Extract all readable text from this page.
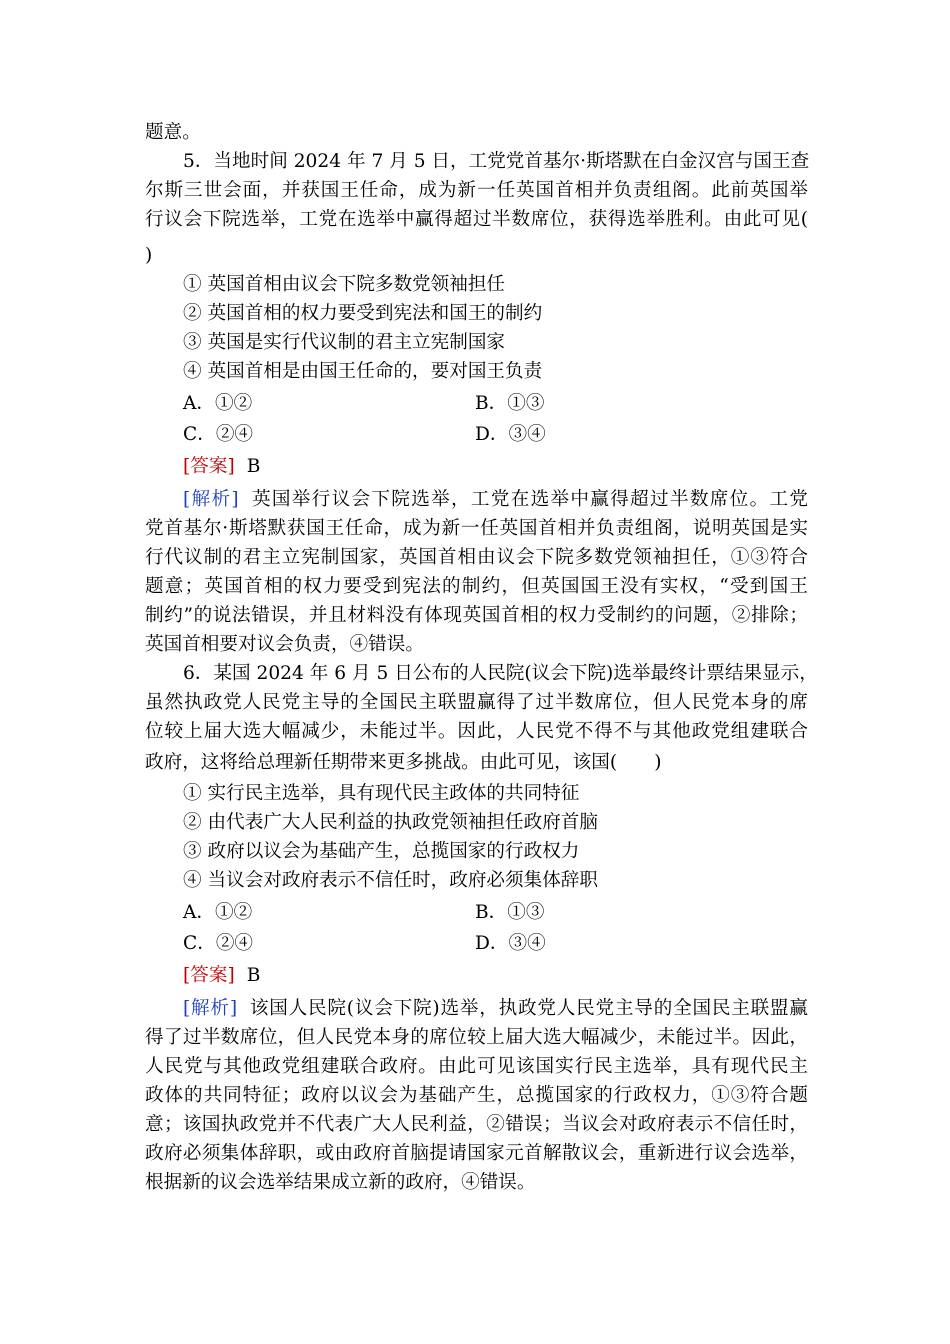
题意。

5．当地时间 2024 年 7 月 5 日，工党党首基尔·斯塔默在白金汉宫与国王查

尔斯三世会面，并获国王任命，成为新一任英国首相并负责组阁。此前英国举

行议会下院选举，工党在选举中赢得超过半数席位，获得选举胜利。由此可见(

)

① 英国首相由议会下院多数党领袖担任

② 英国首相的权力要受到宪法和国王的制约

③ 英国是实行代议制的君主立宪制国家

④ 英国首相是由国王任命的，要对国王负责

A．①②	B．①③
C．②④	D．③④

[答案] B

[解析] 英国举行议会下院选举，工党在选举中赢得超过半数席位。工党

党首基尔·斯塔默获国王任命，成为新一任英国首相并负责组阁，说明英国是实

行代议制的君主立宪制国家，英国首相由议会下院多数党领袖担任，①③符合

题意；英国首相的权力要受到宪法的制约，但英国国王没有实权，“受到国王

制约”的说法错误，并且材料没有体现英国首相的权力受制约的问题，②排除；

英国首相要对议会负责，④错误。

6．某国 2024 年 6 月 5 日公布的人民院(议会下院)选举最终计票结果显示，

虽然执政党人民党主导的全国民主联盟赢得了过半数席位，但人民党本身的席

位较上届大选大幅减少，未能过半。因此，人民党不得不与其他政党组建联合

政府，这将给总理新任期带来更多挑战。由此可见，该国(　　)

① 实行民主选举，具有现代民主政体的共同特征

② 由代表广大人民利益的执政党领袖担任政府首脑

③ 政府以议会为基础产生，总揽国家的行政权力

④ 当议会对政府表示不信任时，政府必须集体辞职

A．①②	B．①③
C．②④	D．③④

[答案] B

[解析] 该国人民院(议会下院)选举，执政党人民党主导的全国民主联盟赢

得了过半数席位，但人民党本身的席位较上届大选大幅减少，未能过半。因此，

人民党与其他政党组建联合政府。由此可见该国实行民主选举，具有现代民主

政体的共同特征；政府以议会为基础产生，总揽国家的行政权力，①③符合题

意；该国执政党并不代表广大人民利益，②错误；当议会对政府表示不信任时，

政府必须集体辞职，或由政府首脑提请国家元首解散议会，重新进行议会选举，

根据新的议会选举结果成立新的政府，④错误。
